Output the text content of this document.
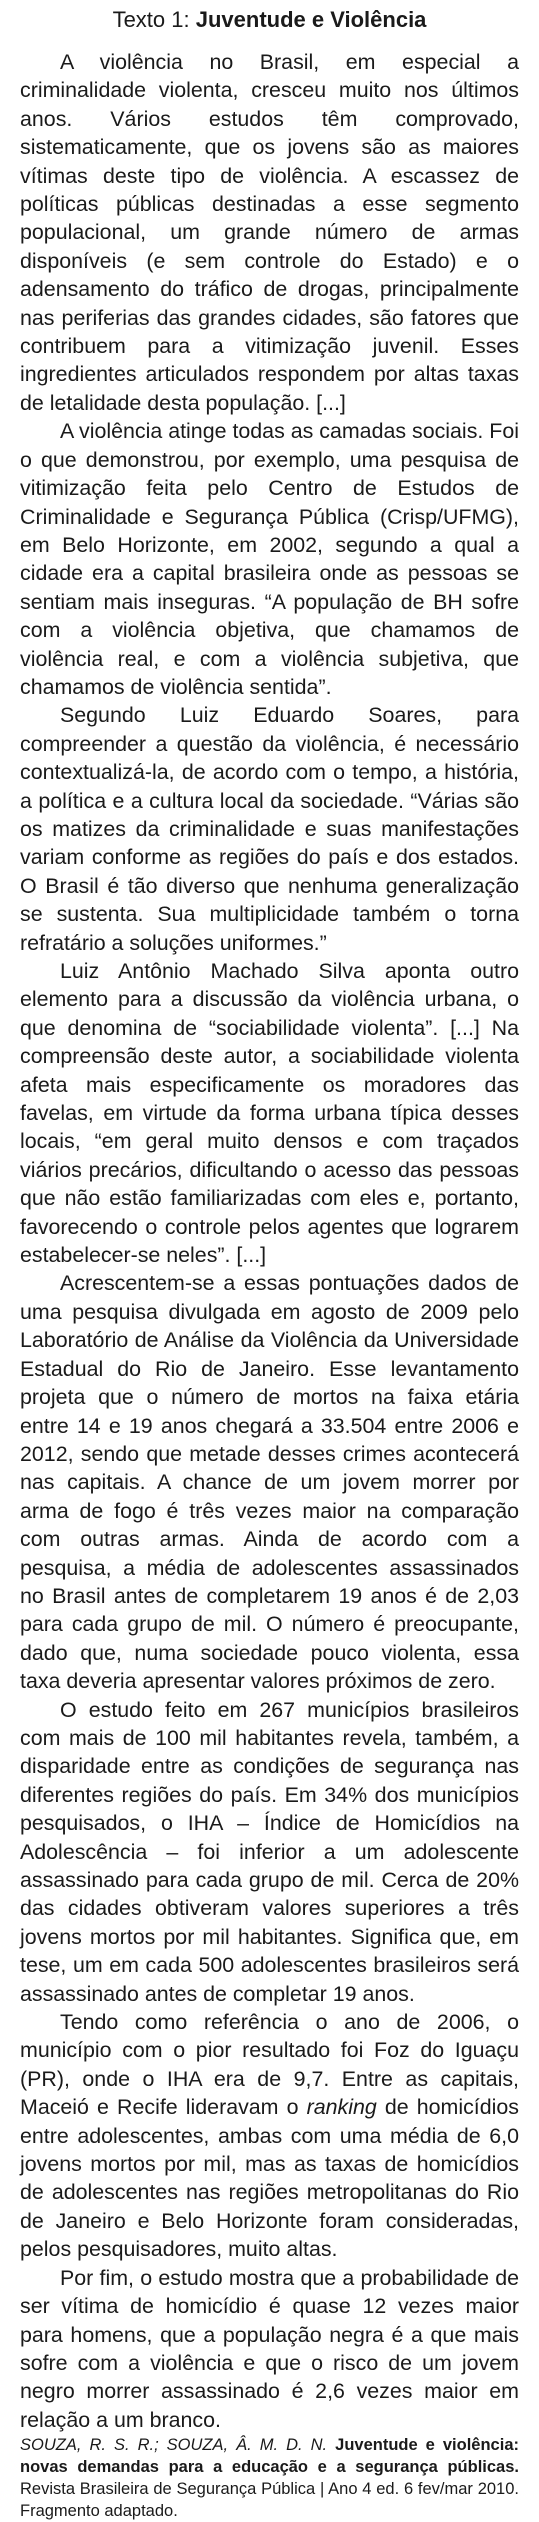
Texto 1: Juventude e Violência

A violência no Brasil, em especial a criminalidade violenta, cresceu muito nos últimos anos. Vários estudos têm comprovado, sistematicamente, que os jovens são as maiores vítimas deste tipo de violência. A escassez de políticas públicas destinadas a esse segmento populacional, um grande número de armas disponíveis (e sem controle do Estado) e o adensamento do tráfico de drogas, principalmente nas periferias das grandes cidades, são fatores que contribuem para a vitimização juvenil. Esses ingredientes articulados respondem por altas taxas de letalidade desta população. [...]

A violência atinge todas as camadas sociais. Foi o que demonstrou, por exemplo, uma pesquisa de vitimização feita pelo Centro de Estudos de Criminalidade e Segurança Pública (Crisp/UFMG), em Belo Horizonte, em 2002, segundo a qual a cidade era a capital brasileira onde as pessoas se sentiam mais inseguras. “A população de BH sofre com a violência objetiva, que chamamos de violência real, e com a violência subjetiva, que chamamos de violência sentida”.

Segundo Luiz Eduardo Soares, para compreender a questão da violência, é necessário contextualizá-la, de acordo com o tempo, a história, a política e a cultura local da sociedade. “Várias são os matizes da criminalidade e suas manifestações variam conforme as regiões do país e dos estados. O Brasil é tão diverso que nenhuma generalização se sustenta. Sua multiplicidade também o torna refratário a soluções uniformes.”

Luiz Antônio Machado Silva aponta outro elemento para a discussão da violência urbana, o que denomina de “sociabilidade violenta”. [...] Na compreensão deste autor, a sociabilidade violenta afeta mais especificamente os moradores das favelas, em virtude da forma urbana típica desses locais, “em geral muito densos e com traçados viários precários, dificultando o acesso das pessoas que não estão familiarizadas com eles e, portanto, favorecendo o controle pelos agentes que lograrem estabelecer-se neles”. [...]

Acrescentem-se a essas pontuações dados de uma pesquisa divulgada em agosto de 2009 pelo Laboratório de Análise da Violência da Universidade Estadual do Rio de Janeiro. Esse levantamento projeta que o número de mortos na faixa etária entre 14 e 19 anos chegará a 33.504 entre 2006 e 2012, sendo que metade desses crimes acontecerá nas capitais. A chance de um jovem morrer por arma de fogo é três vezes maior na comparação com outras armas. Ainda de acordo com a pesquisa, a média de adolescentes assassinados no Brasil antes de completarem 19 anos é de 2,03 para cada grupo de mil. O número é preocupante, dado que, numa sociedade pouco violenta, essa taxa deveria apresentar valores próximos de zero.

O estudo feito em 267 municípios brasileiros com mais de 100 mil habitantes revela, também, a disparidade entre as condições de segurança nas diferentes regiões do país. Em 34% dos municípios pesquisados, o IHA – Índice de Homicídios na Adolescência – foi inferior a um adolescente assassinado para cada grupo de mil. Cerca de 20% das cidades obtiveram valores superiores a três jovens mortos por mil habitantes. Significa que, em tese, um em cada 500 adolescentes brasileiros será assassinado antes de completar 19 anos.

Tendo como referência o ano de 2006, o município com o pior resultado foi Foz do Iguaçu (PR), onde o IHA era de 9,7. Entre as capitais, Maceió e Recife lideravam o ranking de homicídios entre adolescentes, ambas com uma média de 6,0 jovens mortos por mil, mas as taxas de homicídios de adolescentes nas regiões metropolitanas do Rio de Janeiro e Belo Horizonte foram consideradas, pelos pesquisadores, muito altas.

Por fim, o estudo mostra que a probabilidade de ser vítima de homicídio é quase 12 vezes maior para homens, que a população negra é a que mais sofre com a violência e que o risco de um jovem negro morrer assassinado é 2,6 vezes maior em relação a um branco.

SOUZA, R. S. R.; SOUZA, Â. M. D. N. Juventude e violência: novas demandas para a educação e a segurança públicas. Revista Brasileira de Segurança Pública | Ano 4 ed. 6 fev/mar 2010. Fragmento adaptado.
